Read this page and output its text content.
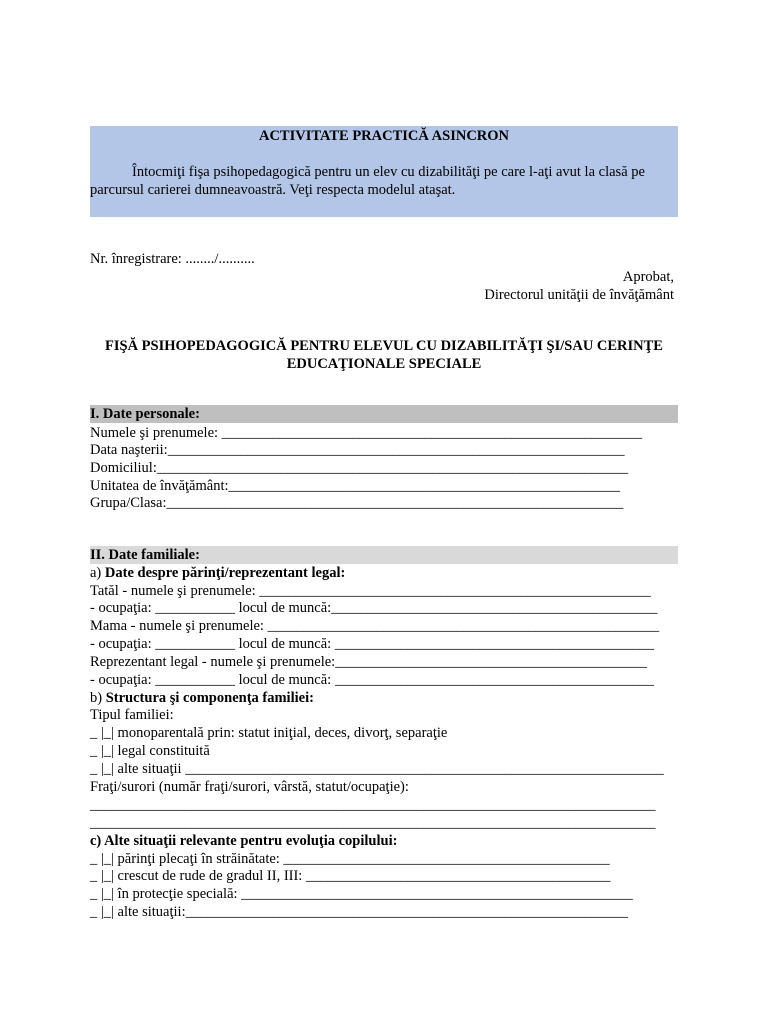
ACTIVITATE PRACTICĂ ASINCRON
Întocmiţi fişa psihopedagogică pentru un elev cu dizabilităţi pe care l-aţi avut la clasă pe
parcursul carierei dumneavoastră. Veţi respecta modelul ataşat.
Nr. înregistrare: ......../..........
Aprobat,
Directorul unităţii de învăţământ
FIŞĂ PSIHOPEDAGOGICĂ PENTRU ELEVUL CU DIZABILITĂŢI ŞI/SAU CERINŢE
EDUCAŢIONALE SPECIALE
I. Date personale:
Numele şi prenumele: __________________________________________________________
Data naşterii:_______________________________________________________________
Domiciliul:_________________________________________________________________
Unitatea de învăţământ:______________________________________________________
Grupa/Clasa:_______________________________________________________________
II. Date familiale:
a) Date despre părinţi/reprezentant legal:
Tatăl - numele şi prenumele: ______________________________________________________
- ocupaţia: ___________ locul de muncă:_____________________________________________
Mama - numele şi prenumele: ______________________________________________________
- ocupaţia: ___________ locul de muncă: ____________________________________________
Reprezentant legal - numele şi prenumele:___________________________________________
- ocupaţia: ___________ locul de muncă: ____________________________________________
b) Structura şi componenţa familiei:
Tipul familiei:
_ |_| monoparentală prin: statut iniţial, deces, divorţ, separaţie
_ |_| legal constituită
_ |_| alte situaţii __________________________________________________________________
Fraţi/surori (număr fraţi/surori, vârstă, statut/ocupaţie):
______________________________________________________________________________
______________________________________________________________________________
c) Alte situaţii relevante pentru evoluţia copilului:
_ |_| părinţi plecaţi în străinătate: _____________________________________________
_ |_| crescut de rude de gradul II, III: __________________________________________
_ |_| în protecţie specială: ______________________________________________________
_ |_| alte situaţii:_____________________________________________________________
